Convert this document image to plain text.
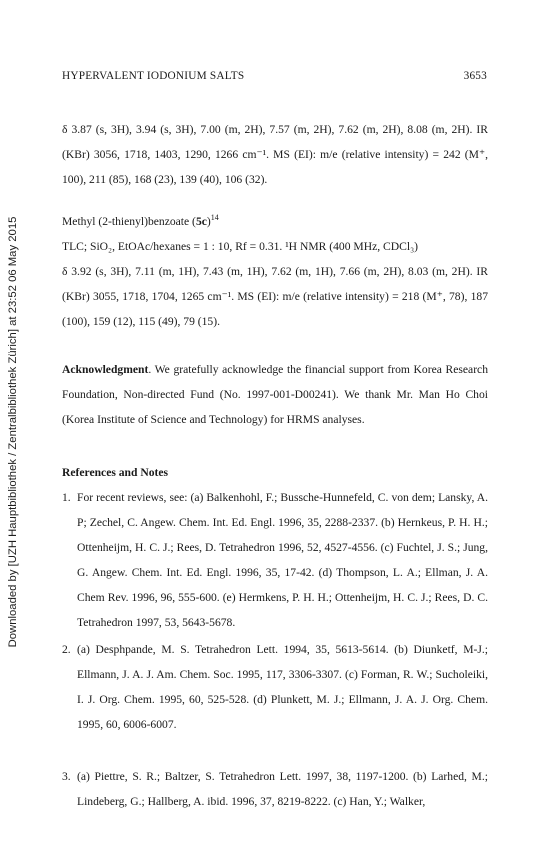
Downloaded by [UZH Hauptbibliothek / Zentralbibliothek Zürich] at 23:52 06 May 2015
HYPERVALENT IODONIUM SALTS	3653

δ 3.87 (s, 3H), 3.94 (s, 3H), 7.00 (m, 2H), 7.57 (m, 2H), 7.62 (m, 2H), 8.08 (m, 2H). IR (KBr) 3056, 1718, 1403, 1290, 1266 cm⁻¹. MS (EI): m/e (relative intensity) = 242 (M⁺, 100), 211 (85), 168 (23), 139 (40), 106 (32).

Methyl (2-thienyl)benzoate $(5c)^{14}$

TLC; SiO₂, EtOAc/hexanes = 1 : 10, Rf = 0.31. ¹H NMR (400 MHz, CDCl₃)

δ 3.92 (s, 3H), 7.11 (m, 1H), 7.43 (m, 1H), 7.62 (m, 1H), 7.66 (m, 2H), 8.03 (m, 2H). IR (KBr) 3055, 1718, 1704, 1265 cm⁻¹. MS (EI): m/e (relative intensity) = 218 (M⁺, 78), 187 (100), 159 (12), 115 (49), 79 (15).

Acknowledgment. We gratefully acknowledge the financial support from Korea Research Foundation, Non-directed Fund (No. 1997-001-D00241). We thank Mr. Man Ho Choi (Korea Institute of Science and Technology) for HRMS analyses.

References and Notes
1. For recent reviews, see: (a) Balkenhohl, F.; Bussche-Hunnefeld, C. von dem; Lansky, A. P; Zechel, C. Angew. Chem. Int. Ed. Engl. 1996, 35, 2288-2337. (b) Hernkeus, P. H. H.; Ottenheijm, H. C. J.; Rees, D. Tetrahedron 1996, 52, 4527-4556. (c) Fuchtel, J. S.; Jung, G. Angew. Chem. Int. Ed. Engl. 1996, 35, 17-42. (d) Thompson, L. A.; Ellman, J. A. Chem Rev. 1996, 96, 555-600. (e) Hermkens, P. H. H.; Ottenheijm, H. C. J.; Rees, D. C. Tetrahedron 1997, 53, 5643-5678.

2. (a) Desphpande, M. S. Tetrahedron Lett. 1994, 35, 5613-5614. (b) Diunketf, M-J.; Ellmann, J. A. J. Am. Chem. Soc. 1995, 117, 3306-3307. (c) Forman, R. W.; Sucholeiki, I. J. Org. Chem. 1995, 60, 525-528. (d) Plunkett, M. J.; Ellmann, J. A. J. Org. Chem. 1995, 60, 6006-6007.

3. (a) Piettre, S. R.; Baltzer, S. Tetrahedron Lett. 1997, 38, 1197-1200. (b) Larhed, M.; Lindeberg, G.; Hallberg, A. ibid. 1996, 37, 8219-8222. (c) Han, Y.; Walker,
